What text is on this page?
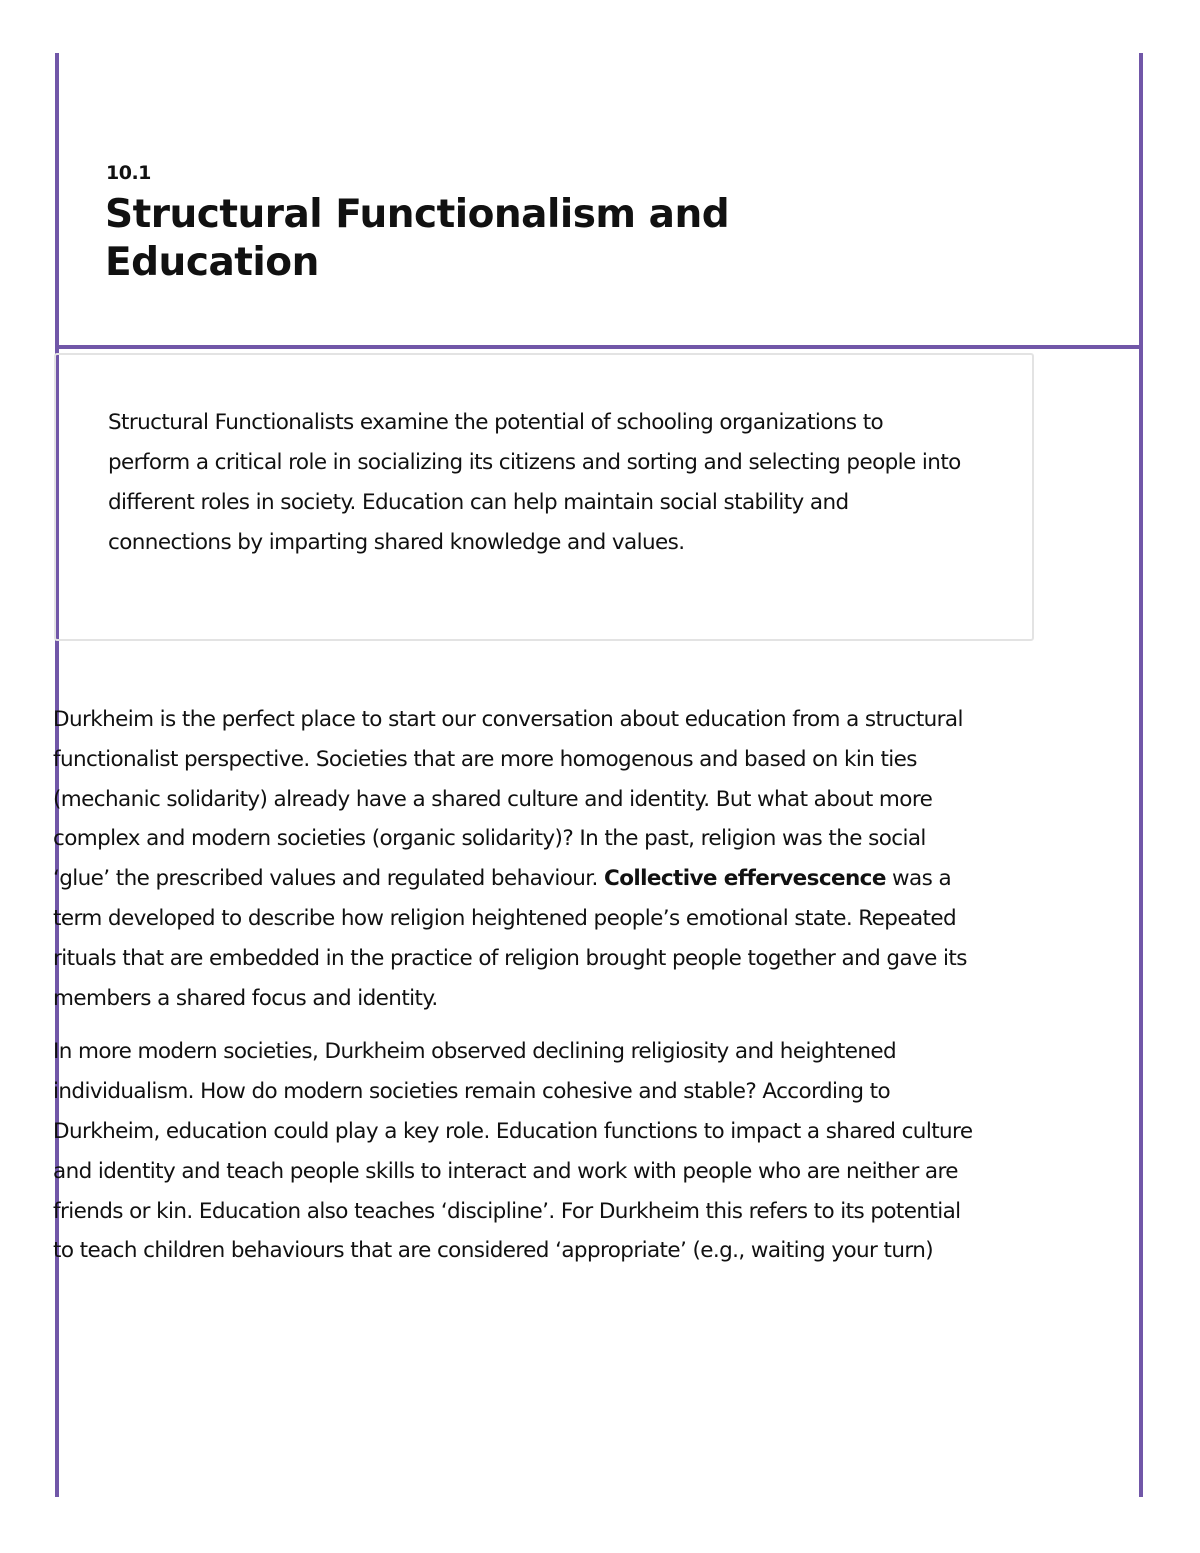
10.1
Structural Functionalism and Education

Structural Functionalists examine the potential of schooling organizations to perform a critical role in socializing its citizens and sorting and selecting people into different roles in society. Education can help maintain social stability and connections by imparting shared knowledge and values.

Durkheim is the perfect place to start our conversation about education from a structural functionalist perspective. Societies that are more homogenous and based on kin ties (mechanic solidarity) already have a shared culture and identity. But what about more complex and modern societies (organic solidarity)? In the past, religion was the social ‘glue’ the prescribed values and regulated behaviour. Collective effervescence was a term developed to describe how religion heightened people’s emotional state. Repeated rituals that are embedded in the practice of religion brought people together and gave its members a shared focus and identity.

In more modern societies, Durkheim observed declining religiosity and heightened individualism. How do modern societies remain cohesive and stable? According to Durkheim, education could play a key role. Education functions to impact a shared culture and identity and teach people skills to interact and work with people who are neither are friends or kin. Education also teaches ‘discipline’. For Durkheim this refers to its potential to teach children behaviours that are considered ‘appropriate’ (e.g., waiting your turn)
